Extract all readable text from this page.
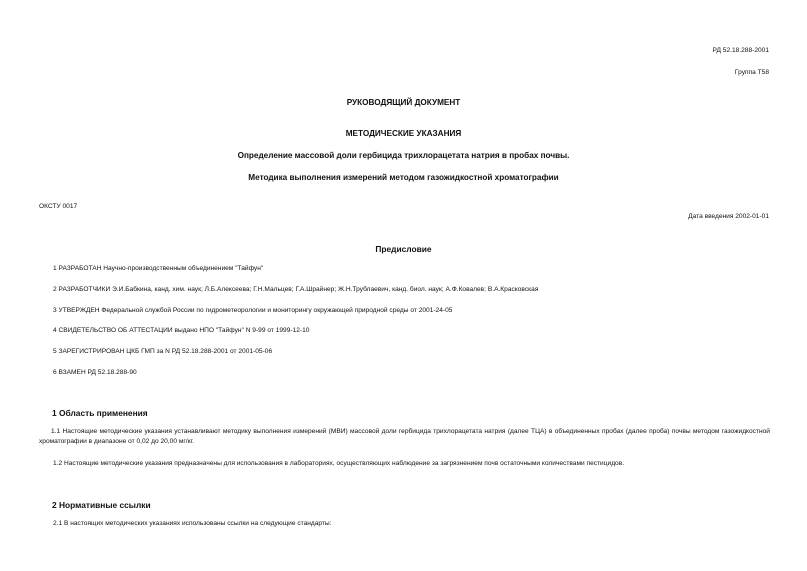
РД 52.18.288-2001
Группа Т58
РУКОВОДЯЩИЙ ДОКУМЕНТ
МЕТОДИЧЕСКИЕ УКАЗАНИЯ
Определение массовой доли гербицида трихлорацетата натрия в пробах почвы.
Методика выполнения измерений методом газожидкостной хроматографии
ОКСТУ 0017
Дата введения 2002-01-01
Предисловие
1 РАЗРАБОТАН Научно-производственным объединением "Тайфун"
2 РАЗРАБОТЧИКИ Э.И.Бабкина, канд. хим. наук; Л.Б.Алексеева; Г.Н.Мальцев; Г.А.Шрайнер; Ж.Н.Трублаевич, канд. биол. наук; А.Ф.Ковалев; В.А.Красковская
3 УТВЕРЖДЕН Федеральной службой России по гидрометеорологии и мониторингу окружающей природной среды от 2001-24-05
4 СВИДЕТЕЛЬСТВО ОБ АТТЕСТАЦИИ выдано НПО "Тайфун" N 9-99 от 1999-12-10
5 ЗАРЕГИСТРИРОВАН ЦКБ ГМП за N РД 52.18.288-2001 от 2001-05-06
6 ВЗАМЕН РД 52.18.288-90
1 Область применения
1.1 Настоящие методические указания устанавливают методику выполнения измерений (МВИ) массовой доли гербицида трихлорацетата натрия (далее ТЦА) в объединенных пробах (далее проба) почвы методом газожидкостной хроматографии в диапазоне от 0,02 до 20,00 мг/кг.
1.2 Настоящие методические указания предназначены для использования в лабораториях, осуществляющих наблюдение за загрязнением почв остаточными количествами пестицидов.
2 Нормативные ссылки
2.1 В настоящих методических указаниях использованы ссылки на следующие стандарты:
